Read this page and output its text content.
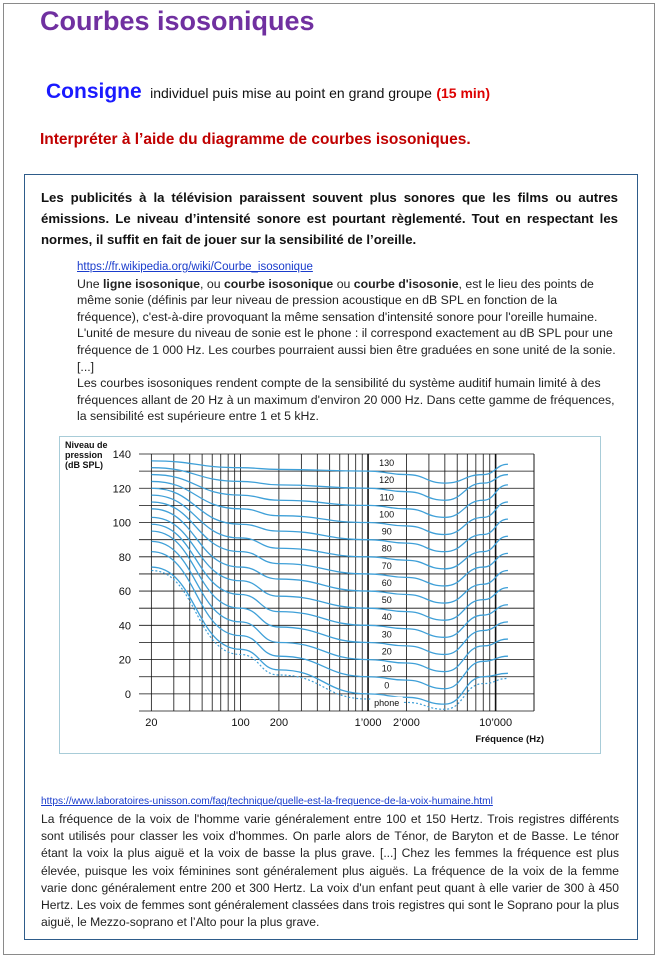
Courbes isosoniques
Consigne individuel puis mise au point en grand groupe (15 min)
Interpréter à l’aide du diagramme de courbes isosoniques.
Les publicités à la télévision paraissent souvent plus sonores que les films ou autres émissions. Le niveau d’intensité sonore est pourtant règlementé. Tout en respectant les normes, il suffit en fait de jouer sur la sensibilité de l’oreille.
https://fr.wikipedia.org/wiki/Courbe_isosonique
Une ligne isosonique, ou courbe isosonique ou courbe d'isosonie, est le lieu des points de même sonie (définis par leur niveau de pression acoustique en dB SPL en fonction de la fréquence), c'est-à-dire provoquant la même sensation d'intensité sonore pour l'oreille humaine. L'unité de mesure du niveau de sonie est le phone : il correspond exactement au dB SPL pour une fréquence de 1 000 Hz. Les courbes pourraient aussi bien être graduées en sone unité de la sonie. [...]
Les courbes isosoniques rendent compte de la sensibilité du système auditif humain limité à des fréquences allant de 20 Hz à un maximum d'environ 20 000 Hz. Dans cette gamme de fréquences, la sensibilité est supérieure entre 1 et 5 kHz.
0
20
40
60
80
100
120
140
20	100 200	1’000 2’000	10’000
Niveau de
pression
(dB SPL)
Fréquence (Hz)
0
10
20
30
40
50
60
70
80
90
100
110
120
130
phone
https://www.laboratoires-unisson.com/faq/technique/quelle-est-la-frequence-de-la-voix-humaine.html
La fréquence de la voix de l'homme varie généralement entre 100 et 150 Hertz. Trois registres différents sont utilisés pour classer les voix d'hommes. On parle alors de Ténor, de Baryton et de Basse. Le ténor étant la voix la plus aiguë et la voix de basse la plus grave. [...] Chez les femmes la fréquence est plus élevée, puisque les voix féminines sont généralement plus aiguës. La fréquence de la voix de la femme varie donc généralement entre 200 et 300 Hertz. La voix d'un enfant peut quant à elle varier de 300 à 450 Hertz. Les voix de femmes sont généralement classées dans trois registres qui sont le Soprano pour la plus aiguë, le Mezzo-soprano et l’Alto pour la plus grave.
